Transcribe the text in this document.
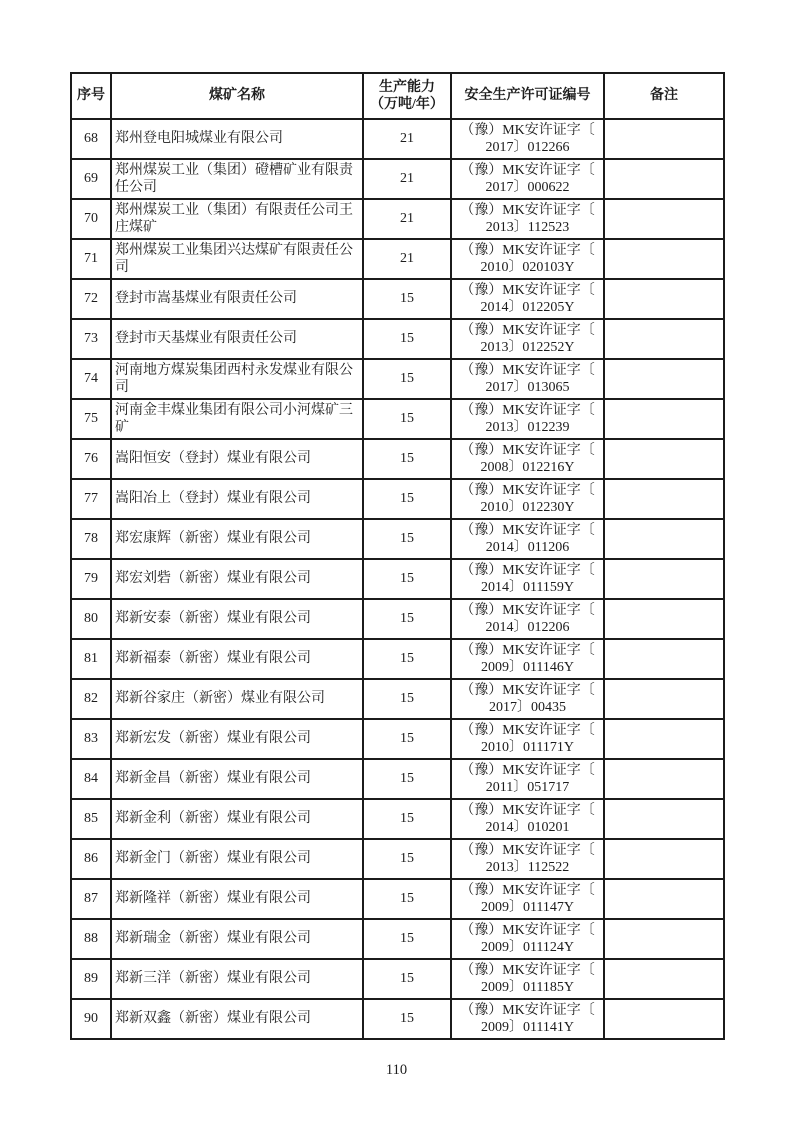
序号	煤矿名称	生产能力
（万吨/年）	安全生产许可证编号	备注
68	郑州登电阳城煤业有限公司	21	（豫）MK安许证字〔
2017〕012266	

69	郑州煤炭工业（集团）磴槽矿业有限责任公司	21	（豫）MK安许证字〔
2017〕000622	

70	郑州煤炭工业（集团）有限责任公司王庄煤矿	21	（豫）MK安许证字〔
2013〕112523	

71	郑州煤炭工业集团兴达煤矿有限责任公司	21	（豫）MK安许证字〔
2010〕020103Y	

72	登封市嵩基煤业有限责任公司	15	（豫）MK安许证字〔
2014〕012205Y	

73	登封市天基煤业有限责任公司	15	（豫）MK安许证字〔
2013〕012252Y	

74	河南地方煤炭集团西村永发煤业有限公司	15	（豫）MK安许证字〔
2017〕013065	

75	河南金丰煤业集团有限公司小河煤矿三矿	15	（豫）MK安许证字〔
2013〕012239	

76	嵩阳恒安（登封）煤业有限公司	15	（豫）MK安许证字〔
2008〕012216Y	

77	嵩阳冶上（登封）煤业有限公司	15	（豫）MK安许证字〔
2010〕012230Y	

78	郑宏康辉（新密）煤业有限公司	15	（豫）MK安许证字〔
2014〕011206	

79	郑宏刘砦（新密）煤业有限公司	15	（豫）MK安许证字〔
2014〕011159Y	

80	郑新安泰（新密）煤业有限公司	15	（豫）MK安许证字〔
2014〕012206	

81	郑新福泰（新密）煤业有限公司	15	（豫）MK安许证字〔
2009〕011146Y	

82	郑新谷家庄（新密）煤业有限公司	15	（豫）MK安许证字〔
2017〕00435	

83	郑新宏发（新密）煤业有限公司	15	（豫）MK安许证字〔
2010〕011171Y	

84	郑新金昌（新密）煤业有限公司	15	（豫）MK安许证字〔
2011〕051717	

85	郑新金利（新密）煤业有限公司	15	（豫）MK安许证字〔
2014〕010201	

86	郑新金门（新密）煤业有限公司	15	（豫）MK安许证字〔
2013〕112522	

87	郑新隆祥（新密）煤业有限公司	15	（豫）MK安许证字〔
2009〕011147Y	

88	郑新瑞金（新密）煤业有限公司	15	（豫）MK安许证字〔
2009〕011124Y	

89	郑新三洋（新密）煤业有限公司	15	（豫）MK安许证字〔
2009〕011185Y	

90	郑新双鑫（新密）煤业有限公司	15	（豫）MK安许证字〔
2009〕011141Y	

110
